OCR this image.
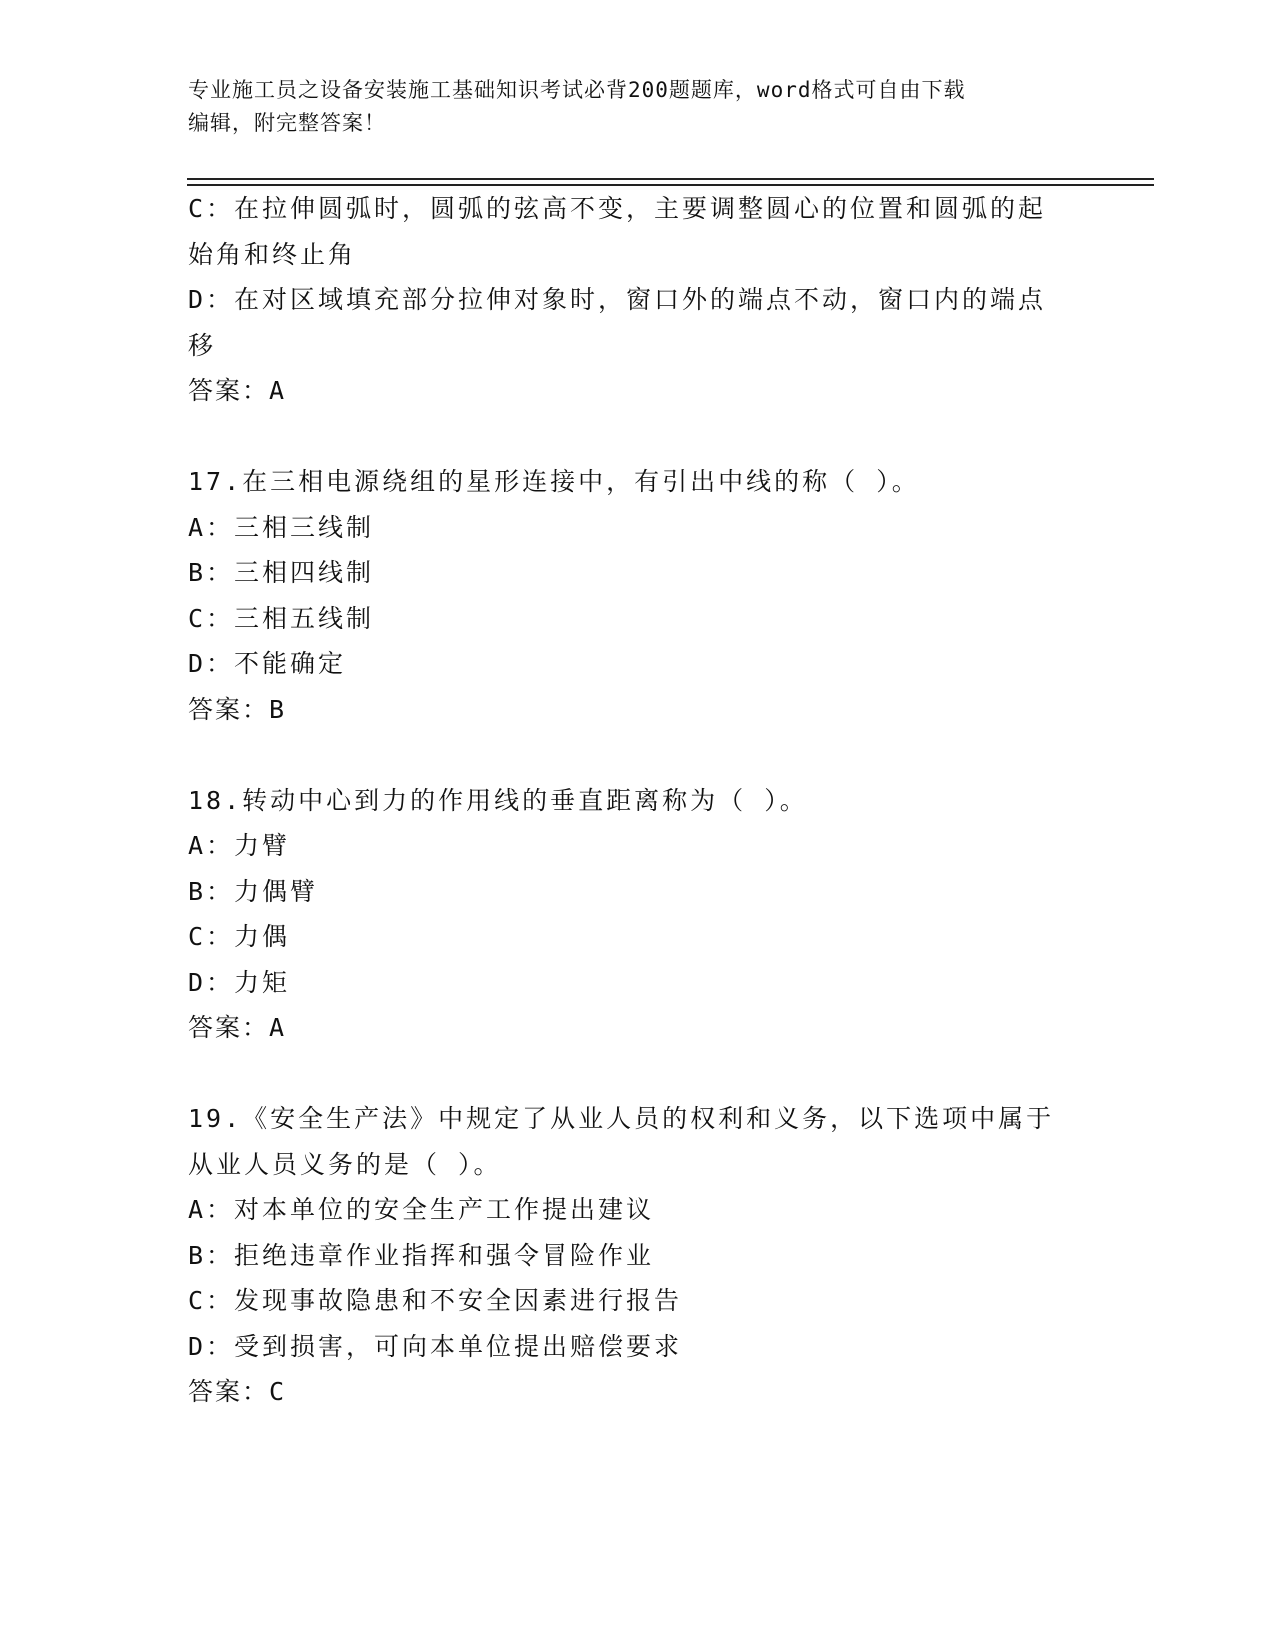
专业施工员之设备安装施工基础知识考试必背200题题库，word格式可自由下载
编辑，附完整答案！
C：在拉伸圆弧时，圆弧的弦高不变，主要调整圆心的位置和圆弧的起
始角和终止角
D：在对区域填充部分拉伸对象时，窗口外的端点不动，窗口内的端点
移
答案：A
17.在三相电源绕组的星形连接中，有引出中线的称（ ）。
A：三相三线制
B：三相四线制
C：三相五线制
D：不能确定
答案：B
18.转动中心到力的作用线的垂直距离称为（ ）。
A：力臂
B：力偶臂
C：力偶
D：力矩
答案：A
19.《安全生产法》中规定了从业人员的权利和义务，以下选项中属于
从业人员义务的是（ ）。
A：对本单位的安全生产工作提出建议
B：拒绝违章作业指挥和强令冒险作业
C：发现事故隐患和不安全因素进行报告
D：受到损害，可向本单位提出赔偿要求
答案：C
